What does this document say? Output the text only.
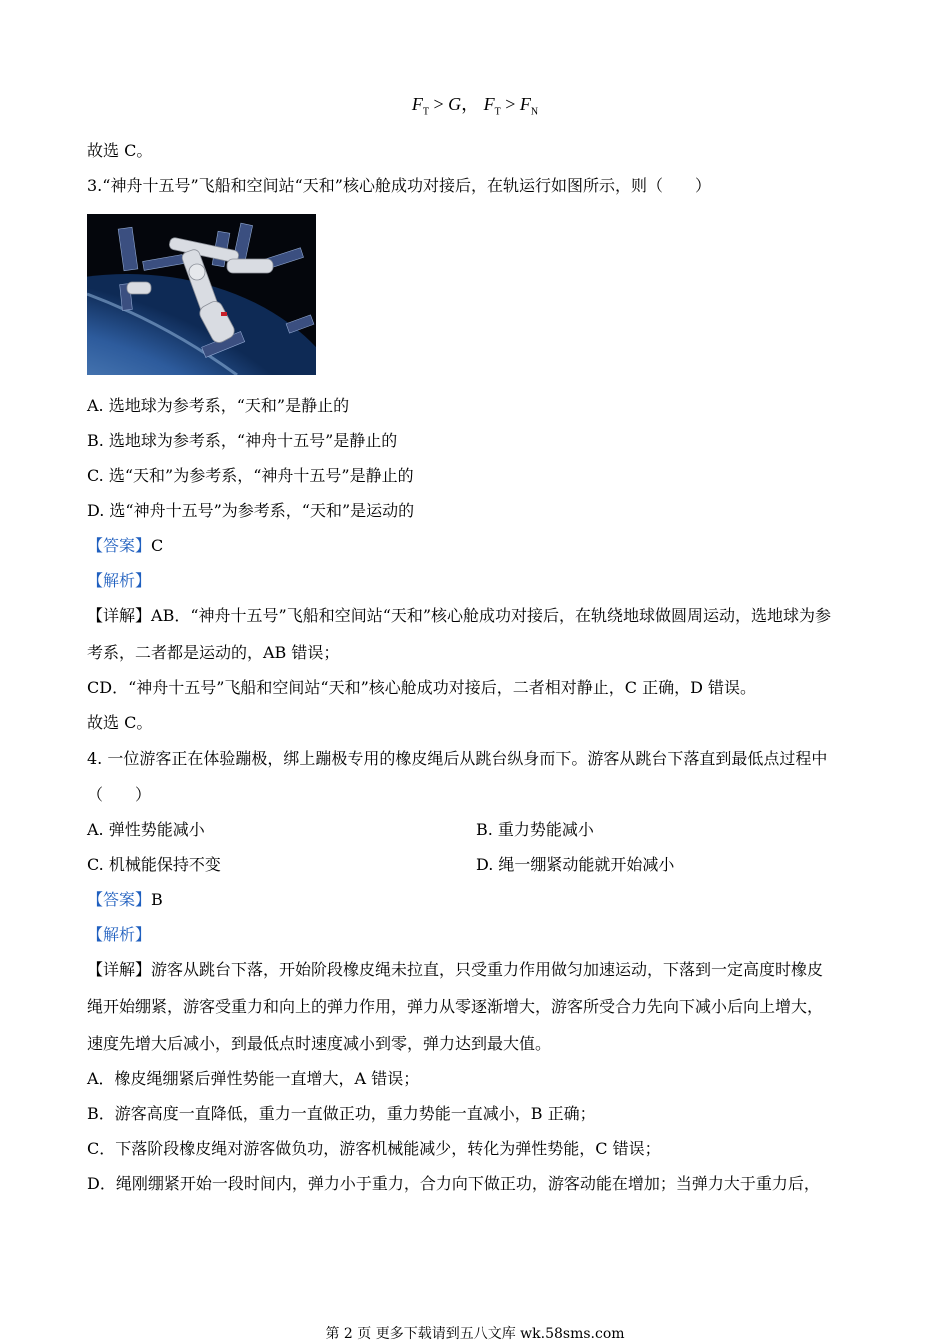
$F_T > G$， $F_T > F_N$
故选 C。
3.“神舟十五号”飞船和空间站“天和”核心舱成功对接后，在轨运行如图所示，则（　　）
A. 选地球为参考系，“天和”是静止的
B. 选地球为参考系，“神舟十五号”是静止的
C. 选“天和”为参考系，“神舟十五号”是静止的
D. 选“神舟十五号”为参考系，“天和”是运动的
【答案】C
【解析】
【详解】AB．“神舟十五号”飞船和空间站“天和”核心舱成功对接后，在轨绕地球做圆周运动，选地球为参
考系，二者都是运动的，AB 错误；
CD．“神舟十五号”飞船和空间站“天和”核心舱成功对接后，二者相对静止，C 正确，D 错误。
故选 C。
4. 一位游客正在体验蹦极，绑上蹦极专用的橡皮绳后从跳台纵身而下。游客从跳台下落直到最低点过程中
（　　）
A. 弹性势能减小	B. 重力势能减小
C. 机械能保持不变	D. 绳一绷紧动能就开始减小
【答案】B
【解析】
【详解】游客从跳台下落，开始阶段橡皮绳未拉直，只受重力作用做匀加速运动，下落到一定高度时橡皮
绳开始绷紧，游客受重力和向上的弹力作用，弹力从零逐渐增大，游客所受合力先向下减小后向上增大，
速度先增大后减小，到最低点时速度减小到零，弹力达到最大值。
A．橡皮绳绷紧后弹性势能一直增大，A 错误；
B．游客高度一直降低，重力一直做正功，重力势能一直减小，B 正确；
C．下落阶段橡皮绳对游客做负功，游客机械能减少，转化为弹性势能，C 错误；
D．绳刚绷紧开始一段时间内，弹力小于重力，合力向下做正功，游客动能在增加；当弹力大于重力后，
第 2 页 更多下载请到五八文库 wk.58sms.com
